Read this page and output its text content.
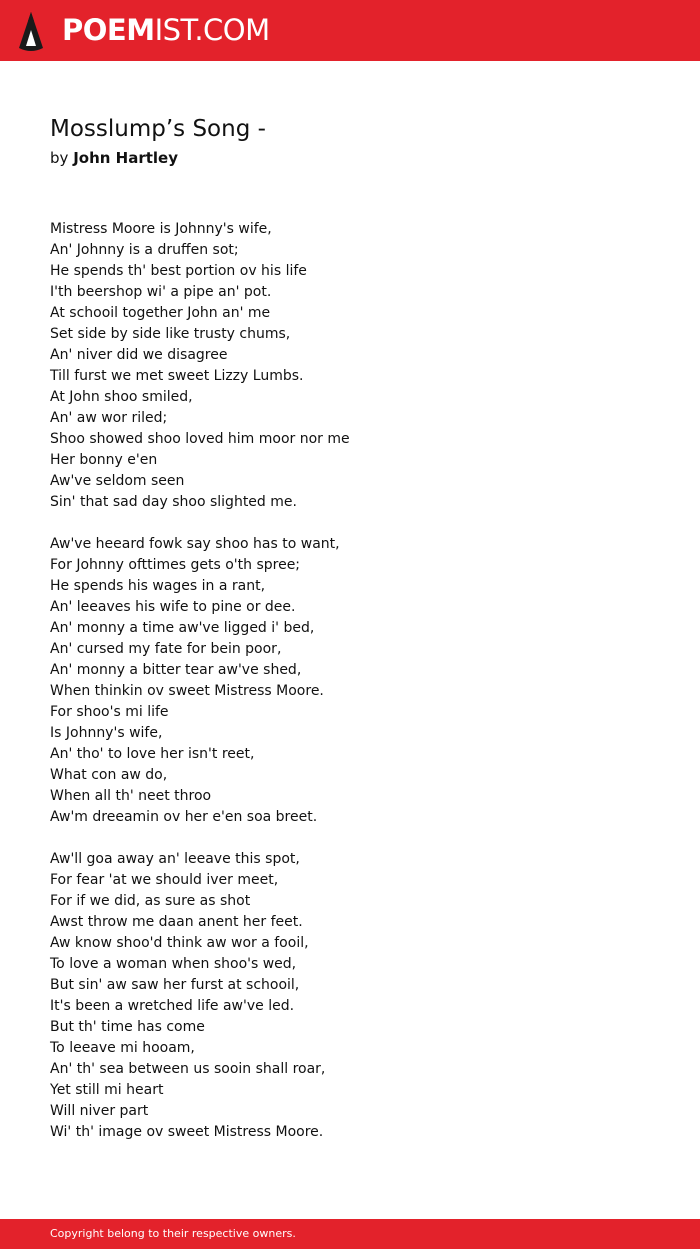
POEMIST.COM
Mosslump’s Song -
by John Hartley
Mistress Moore is Johnny's wife,
An' Johnny is a druffen sot;
He spends th' best portion ov his life
I'th beershop wi' a pipe an' pot.
At schooil together John an' me
Set side by side like trusty chums,
An' niver did we disagree
Till furst we met sweet Lizzy Lumbs.
At John shoo smiled,
An' aw wor riled;
Shoo showed shoo loved him moor nor me
Her bonny e'en
Aw've seldom seen
Sin' that sad day shoo slighted me.
Aw've heeard fowk say shoo has to want,
For Johnny ofttimes gets o'th spree;
He spends his wages in a rant,
An' leeaves his wife to pine or dee.
An' monny a time aw've ligged i' bed,
An' cursed my fate for bein poor,
An' monny a bitter tear aw've shed,
When thinkin ov sweet Mistress Moore.
For shoo's mi life
Is Johnny's wife,
An' tho' to love her isn't reet,
What con aw do,
When all th' neet throo
Aw'm dreeamin ov her e'en soa breet.
Aw'll goa away an' leeave this spot,
For fear 'at we should iver meet,
For if we did, as sure as shot
Awst throw me daan anent her feet.
Aw know shoo'd think aw wor a fooil,
To love a woman when shoo's wed,
But sin' aw saw her furst at schooil,
It's been a wretched life aw've led.
But th' time has come
To leeave mi hooam,
An' th' sea between us sooin shall roar,
Yet still mi heart
Will niver part
Wi' th' image ov sweet Mistress Moore.
Copyright belong to their respective owners.
